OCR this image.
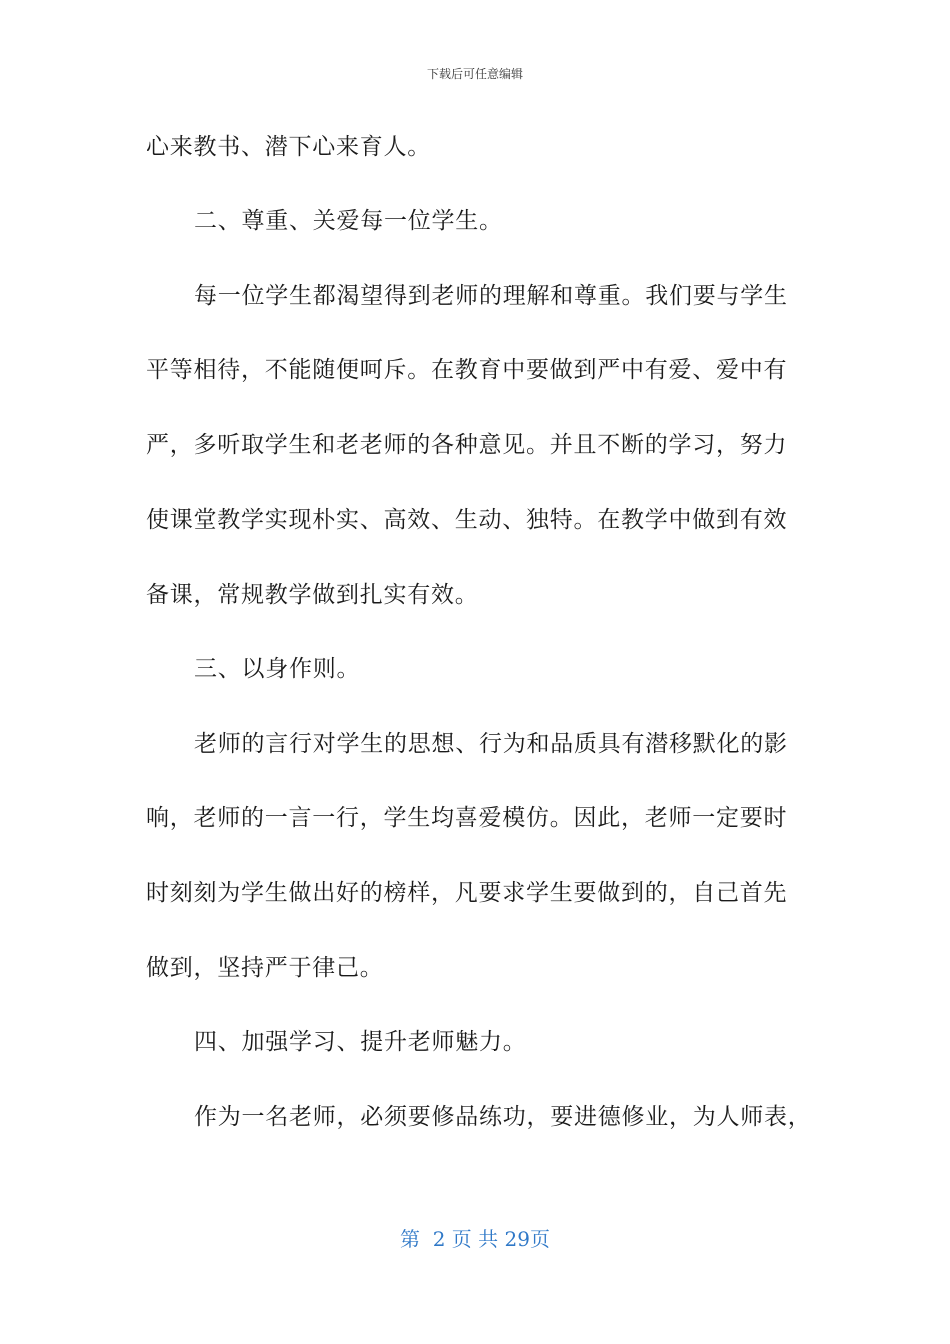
下载后可任意编辑
心来教书、潜下心来育人。
二、尊重、关爱每一位学生。
每一位学生都渴望得到老师的理解和尊重。我们要与学生
平等相待，不能随便呵斥。在教育中要做到严中有爱、爱中有
严，多听取学生和老老师的各种意见。并且不断的学习，努力
使课堂教学实现朴实、高效、生动、独特。在教学中做到有效
备课，常规教学做到扎实有效。
三、以身作则。
老师的言行对学生的思想、行为和品质具有潜移默化的影
响，老师的一言一行，学生均喜爱模仿。因此，老师一定要时
时刻刻为学生做出好的榜样，凡要求学生要做到的，自己首先
做到，坚持严于律己。
四、加强学习、提升老师魅力。
作为一名老师，必须要修品练功，要进德修业，为人师表，
第  2 页 共 29页
